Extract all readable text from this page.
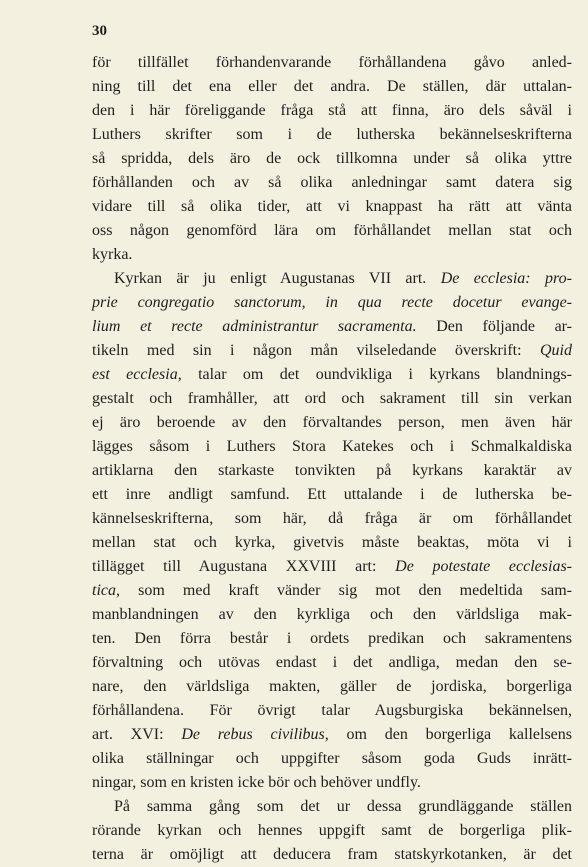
30
för tillfället förhandenvarande förhållandena gåvo anled-
ning till det ena eller det andra. De ställen, där uttalan-
den i här föreliggande fråga stå att finna, äro dels såväl i
Luthers skrifter som i de lutherska bekännelseskrifterna
så spridda, dels äro de ock tillkomna under så olika yttre
förhållanden och av så olika anledningar samt datera sig
vidare till så olika tider, att vi knappast ha rätt att vänta
oss någon genomförd lära om förhållandet mellan stat och
kyrka.
Kyrkan är ju enligt Augustanas VII art. De ecclesia: pro-
prie congregatio sanctorum, in qua recte docetur evange-
lium et recte administrantur sacramenta. Den följande ar-
tikeln med sin i någon mån vilseledande överskrift: Quid
est ecclesia, talar om det oundvikliga i kyrkans blandnings-
gestalt och framhåller, att ord och sakrament till sin verkan
ej äro beroende av den förvaltandes person, men även här
lägges såsom i Luthers Stora Katekes och i Schmalkaldiska
artiklarna den starkaste tonvikten på kyrkans karaktär av
ett inre andligt samfund. Ett uttalande i de lutherska be-
kännelseskrifterna, som här, då fråga är om förhållandet
mellan stat och kyrka, givetvis måste beaktas, möta vi i
tillägget till Augustana XXVIII art: De potestate ecclesias-
tica, som med kraft vänder sig mot den medeltida sam-
manblandningen av den kyrkliga och den världsliga mak-
ten. Den förra består i ordets predikan och sakramentens
förvaltning och utövas endast i det andliga, medan den se-
nare, den världsliga makten, gäller de jordiska, borgerliga
förhållandena. För övrigt talar Augsburgiska bekännelsen,
art. XVI: De rebus civilibus, om den borgerliga kallelsens
olika ställningar och uppgifter såsom goda Guds inrätt-
ningar, som en kristen icke bör och behöver undfly.
På samma gång som det ur dessa grundläggande ställen
rörande kyrkan och hennes uppgift samt de borgerliga plik-
terna är omöjligt att deducera fram statskyrkotanken, är det
